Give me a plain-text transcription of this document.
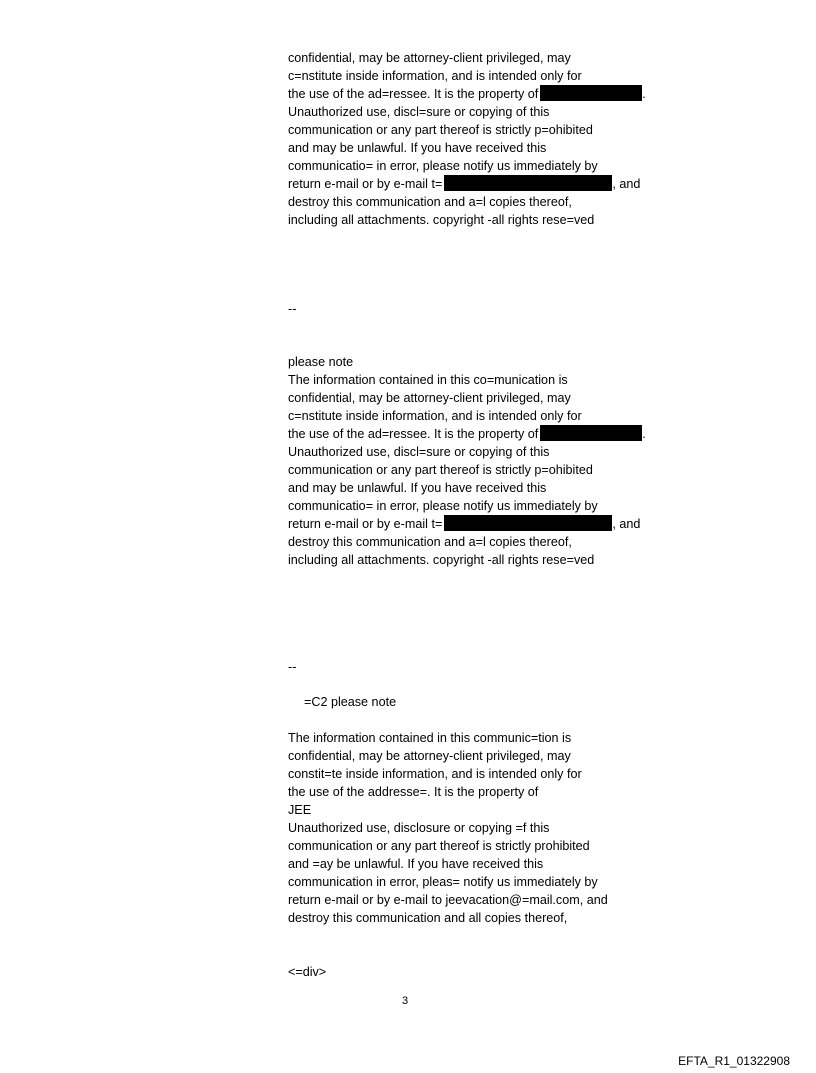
confidential, may be attorney-client privileged, may
c=nstitute inside information, and is intended only for
the use of the ad=ressee. It is the property of	.
Unauthorized use, discl=sure or copying of this
communication or any part thereof is strictly p=ohibited
and may be unlawful. If you have received this
communicatio= in error, please notify us immediately by
return e-mail or by e-mail t=	, and
destroy this communication and a=l copies thereof,
including all attachments. copyright -all rights rese=ved
--
please note
The information contained in this co=munication is
confidential, may be attorney-client privileged, may
c=nstitute inside information, and is intended only for
the use of the ad=ressee. It is the property of	.
Unauthorized use, discl=sure or copying of this
communication or any part thereof is strictly p=ohibited
and may be unlawful. If you have received this
communicatio= in error, please notify us immediately by
return e-mail or by e-mail t=	, and
destroy this communication and a=l copies thereof,
including all attachments. copyright -all rights rese=ved
--
=C2 please note
The information contained in this communic=tion is
confidential, may be attorney-client privileged, may
constit=te inside information, and is intended only for
the use of the addresse=. It is the property of
JEE
Unauthorized use, disclosure or copying =f this
communication or any part thereof is strictly prohibited
and =ay be unlawful. If you have received this
communication in error, pleas= notify us immediately by
return e-mail or by e-mail to jeevacation@=mail.com, and
destroy this communication and all copies thereof,
<=div>
3
EFTA_R1_01322908
